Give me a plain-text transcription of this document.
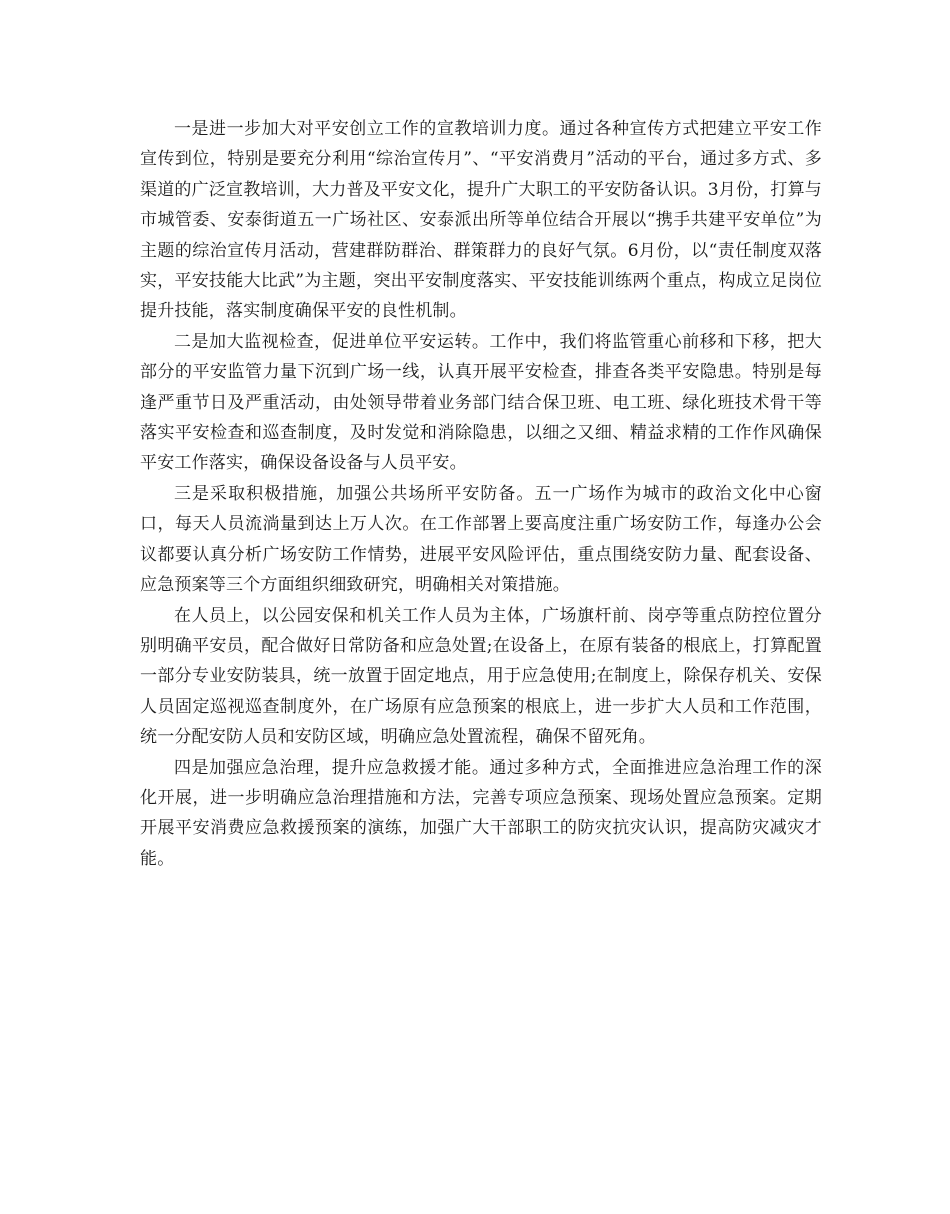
一是进一步加大对平安创立工作的宣教培训力度。通过各种宣传方式把建立平安工作宣传到位，特别是要充分利用“综治宣传月”、“平安消费月”活动的平台，通过多方式、多渠道的广泛宣教培训，大力普及平安文化，提升广大职工的平安防备认识。3月份，打算与市城管委、安泰街道五一广场社区、安泰派出所等单位结合开展以“携手共建平安单位”为主题的综治宣传月活动，营建群防群治、群策群力的良好气氛。6月份，以“责任制度双落实，平安技能大比武”为主题，突出平安制度落实、平安技能训练两个重点，构成立足岗位提升技能，落实制度确保平安的良性机制。

二是加大监视检查，促进单位平安运转。工作中，我们将监管重心前移和下移，把大部分的平安监管力量下沉到广场一线，认真开展平安检查，排查各类平安隐患。特别是每逢严重节日及严重活动，由处领导带着业务部门结合保卫班、电工班、绿化班技术骨干等落实平安检查和巡查制度，及时发觉和消除隐患，以细之又细、精益求精的工作作风确保平安工作落实，确保设备设备与人员平安。

三是采取积极措施，加强公共场所平安防备。五一广场作为城市的政治文化中心窗口，每天人员流淌量到达上万人次。在工作部署上要高度注重广场安防工作，每逢办公会议都要认真分析广场安防工作情势，进展平安风险评估，重点围绕安防力量、配套设备、应急预案等三个方面组织细致研究，明确相关对策措施。

在人员上，以公园安保和机关工作人员为主体，广场旗杆前、岗亭等重点防控位置分别明确平安员，配合做好日常防备和应急处置;在设备上，在原有装备的根底上，打算配置一部分专业安防装具，统一放置于固定地点，用于应急使用;在制度上，除保存机关、安保人员固定巡视巡查制度外，在广场原有应急预案的根底上，进一步扩大人员和工作范围，统一分配安防人员和安防区域，明确应急处置流程，确保不留死角。

四是加强应急治理，提升应急救援才能。通过多种方式，全面推进应急治理工作的深化开展，进一步明确应急治理措施和方法，完善专项应急预案、现场处置应急预案。定期开展平安消费应急救援预案的演练，加强广大干部职工的防灾抗灾认识，提高防灾减灾才能。
